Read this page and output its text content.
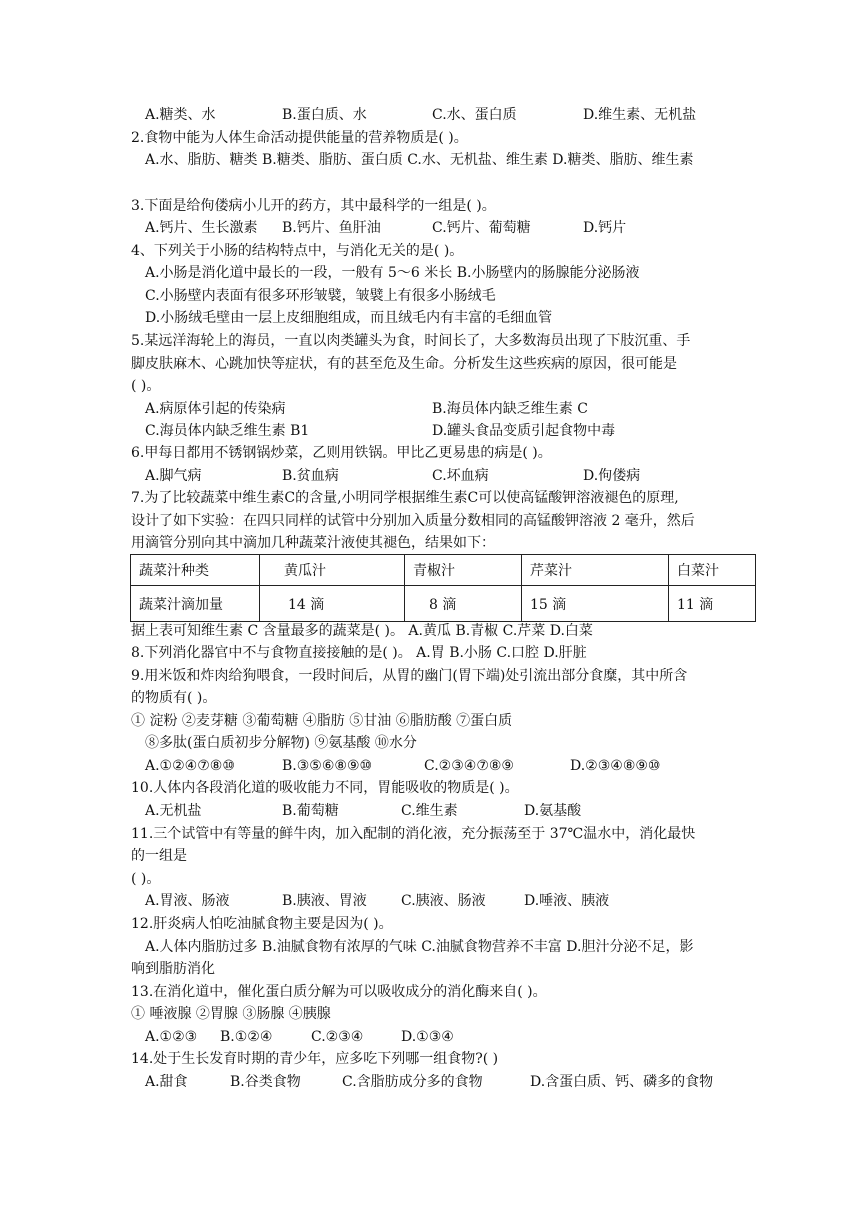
A.糖类、水	B.蛋白质、水	C.水、蛋白质	D.维生素、无机盐
2.食物中能为人体生命活动提供能量的营养物质是( )。
A.水、脂肪、糖类 B.糖类、脂肪、蛋白质 C.水、无机盐、维生素 D.糖类、脂肪、维生素
3.下面是给佝偻病小儿开的药方，其中最科学的一组是( )。
A.钙片、生长激素 B.钙片、鱼肝油	C.钙片、葡萄糖	D.钙片
4、下列关于小肠的结构特点中，与消化无关的是( )。
A.小肠是消化道中最长的一段，一般有 5～6 米长 B.小肠壁内的肠腺能分泌肠液
C.小肠壁内表面有很多环形皱襞，皱襞上有很多小肠绒毛
D.小肠绒毛壁由一层上皮细胞组成，而且绒毛内有丰富的毛细血管
5.某远洋海轮上的海员，一直以肉类罐头为食，时间长了，大多数海员出现了下肢沉重、手
脚皮肤麻木、心跳加快等症状，有的甚至危及生命。分析发生这些疾病的原因，很可能是
( )。
A.病原体引起的传染病	B.海员体内缺乏维生素 C
C.海员体内缺乏维生素 B1	D.罐头食品变质引起食物中毒
6.甲每日都用不锈钢锅炒菜，乙则用铁锅。甲比乙更易患的病是( )。
A.脚气病	B.贫血病	C.坏血病	D.佝偻病
7.为了比较蔬菜中维生素C的含量,小明同学根据维生素C可以使高锰酸钾溶液褪色的原理,
设计了如下实验：在四只同样的试管中分别加入质量分数相同的高锰酸钾溶液 2 毫升，然后
用滴管分别向其中滴加几种蔬菜汁液使其褪色，结果如下：
蔬菜汁种类	黄瓜汁	青椒汁	芹菜汁	白菜汁
蔬菜汁滴加量	14 滴	8 滴	15 滴	11 滴
据上表可知维生素 C 含量最多的蔬菜是( )。 A.黄瓜 B.青椒 C.芹菜 D.白菜
8.下列消化器官中不与食物直接接触的是( )。 A.胃 B.小肠 C.口腔 D.肝脏
9.用米饭和炸肉给狗喂食，一段时间后，从胃的幽门(胃下端)处引流出部分食糜，其中所含
的物质有( )。
① 淀粉 ②麦芽糖 ③葡萄糖 ④脂肪 ⑤甘油 ⑥脂肪酸 ⑦蛋白质
⑧多肽(蛋白质初步分解物) ⑨氨基酸 ⑩水分
A.①②④⑦⑧⑩	B.③⑤⑥⑧⑨⑩	C.②③④⑦⑧⑨	D.②③④⑧⑨⑩
10.人体内各段消化道的吸收能力不同，胃能吸收的物质是( )。
A.无机盐	B.葡萄糖	C.维生素	D.氨基酸
11.三个试管中有等量的鲜牛肉，加入配制的消化液，充分振荡至于 37℃温水中，消化最快
的一组是
( )。
A.胃液、肠液	B.胰液、胃液 C.胰液、肠液	D.唾液、胰液
12.肝炎病人怕吃油腻食物主要是因为( )。
A.人体内脂肪过多 B.油腻食物有浓厚的气味 C.油腻食物营养不丰富 D.胆汁分泌不足，影
响到脂肪消化
13.在消化道中，催化蛋白质分解为可以吸收成分的消化酶来自( )。
① 唾液腺 ②胃腺 ③肠腺 ④胰腺
A.①②③ B.①②④	C.②③④	D.①③④
14.处于生长发育时期的青少年，应多吃下列哪一组食物?( )
A.甜食	B.谷类食物	C.含脂肪成分多的食物	D.含蛋白质、钙、磷多的食物
